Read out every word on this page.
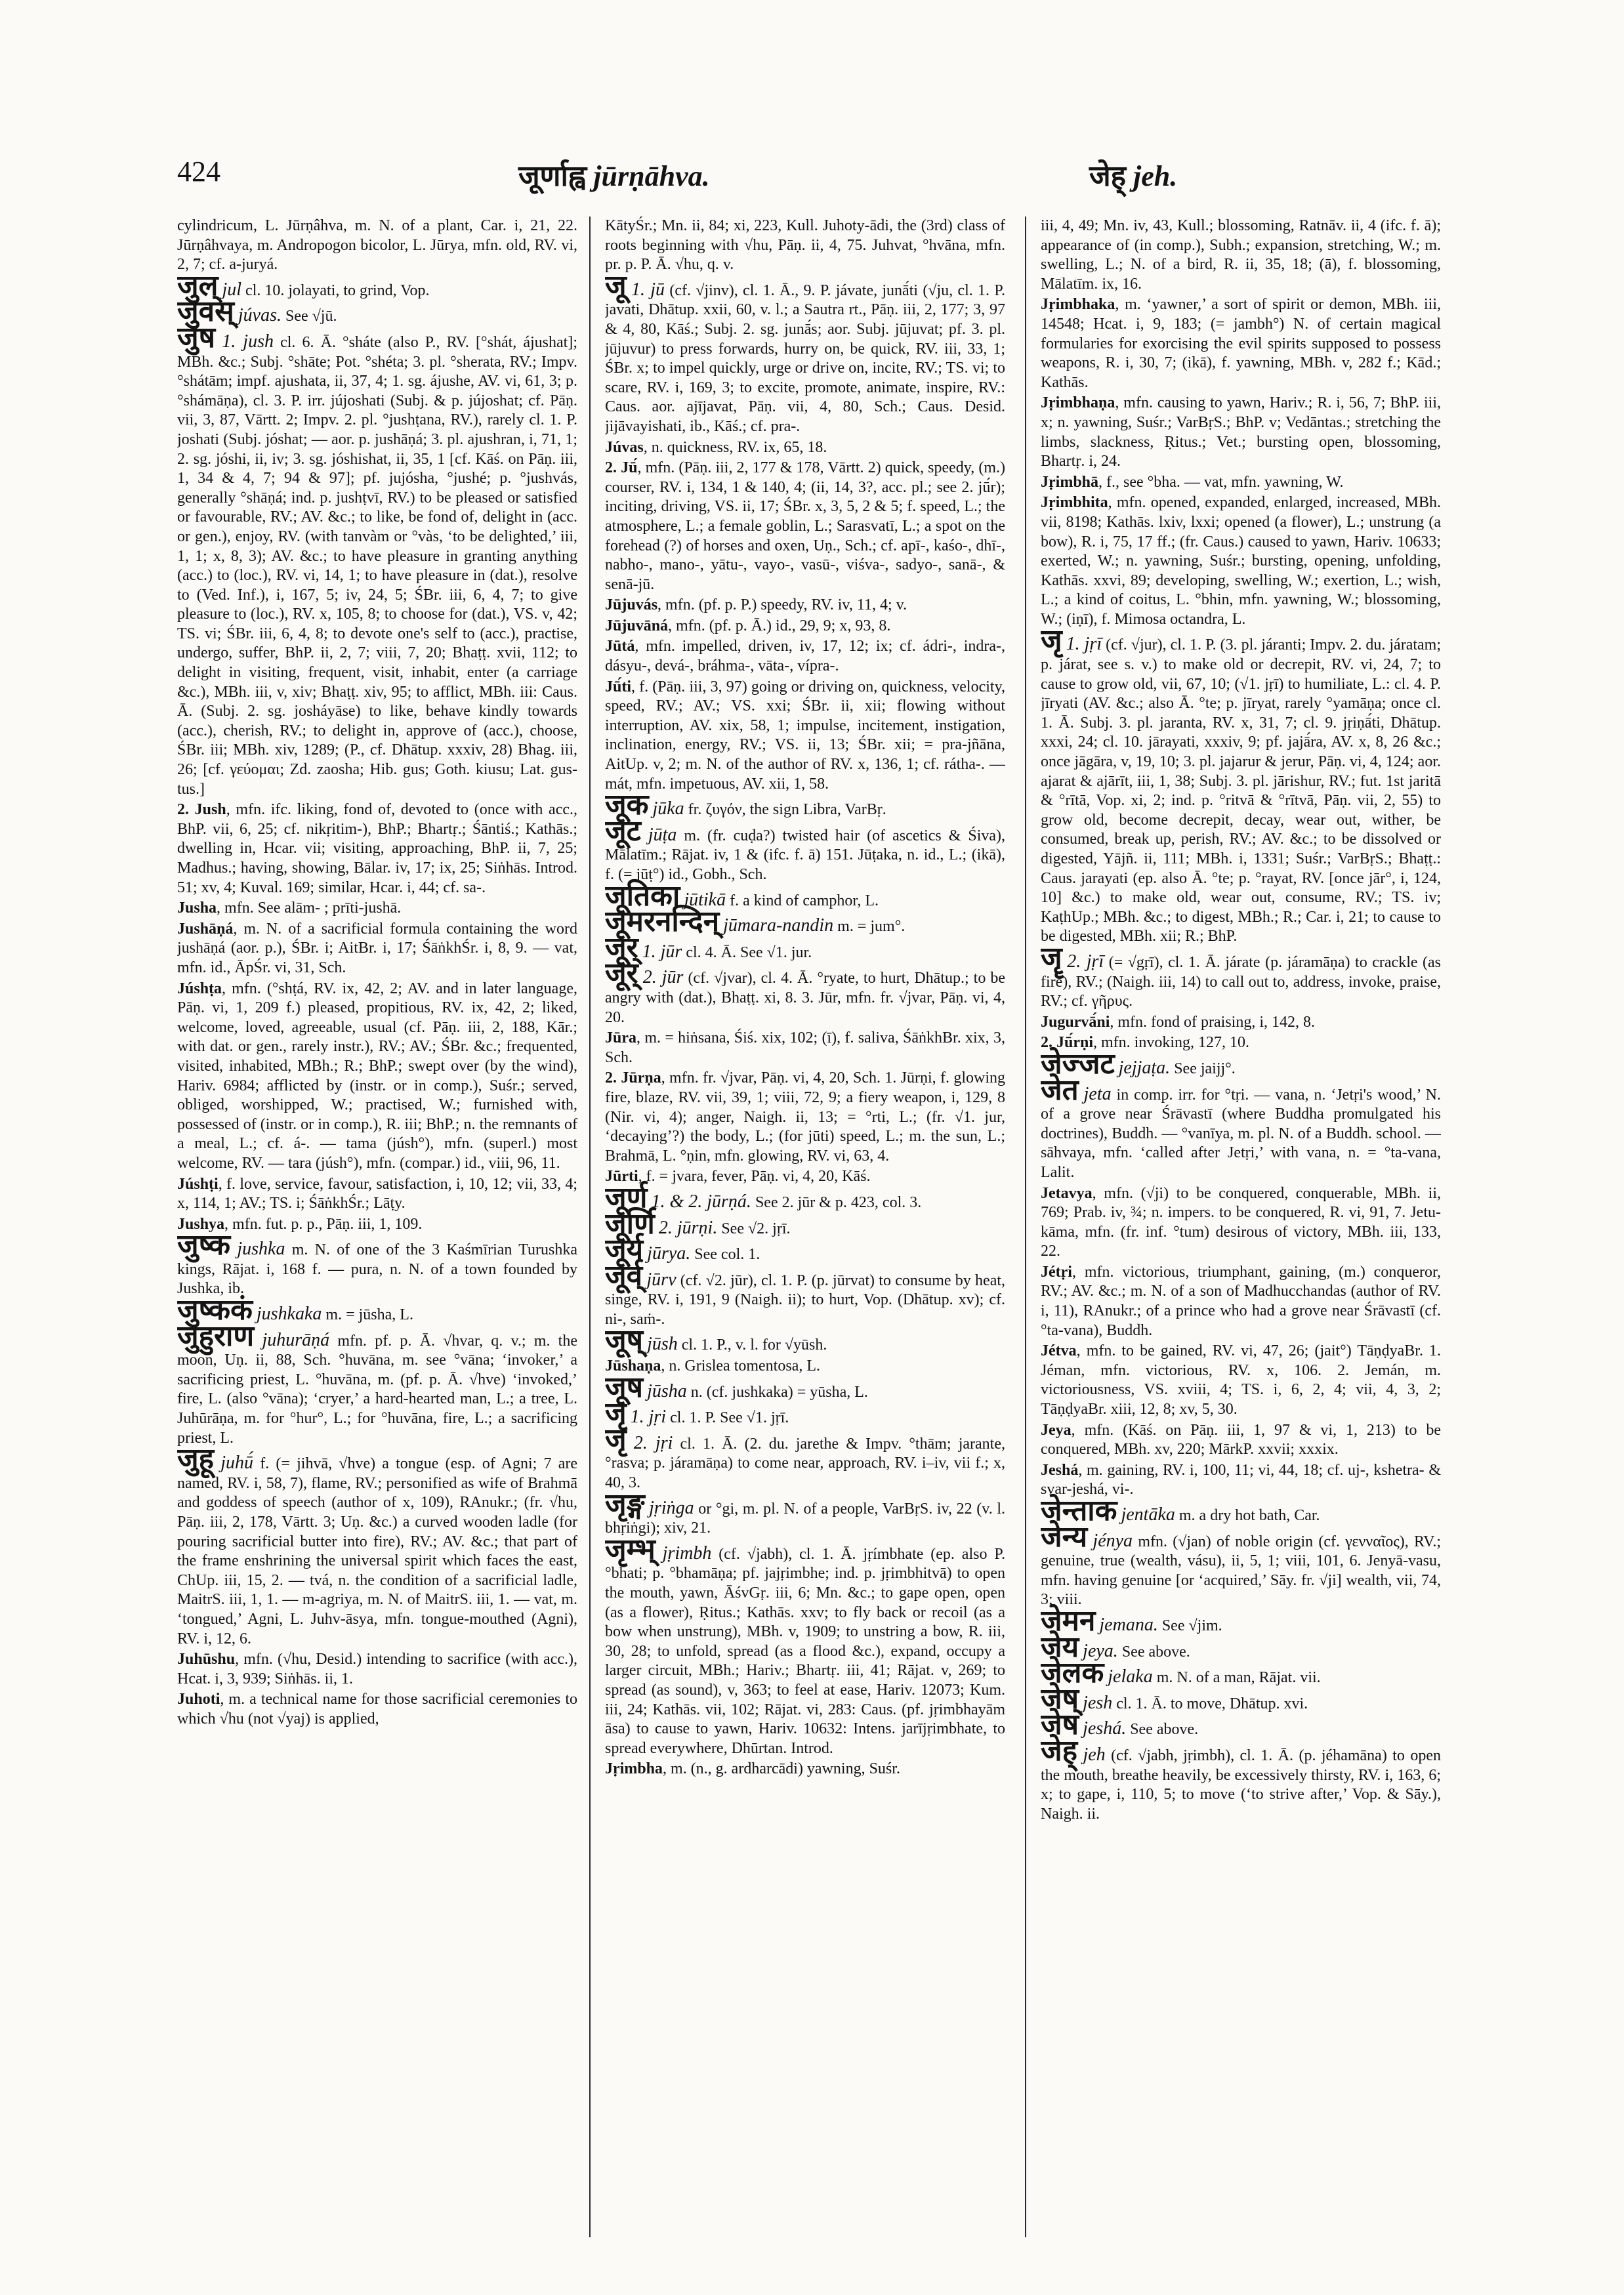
424	जूर्णाह्व jūrṇāhva.	जेह् jeh.

cylindricum, L. Jūrṇâhva, m. N. of a plant, Car. i, 21, 22. Jūrṇâhvaya, m. Andropogon bicolor, L. Jūrya, mfn. old, RV. vi, 2, 7; cf. a-juryá.

जुल् jul cl. 10. jolayati, to grind, Vop.

जुवस् júvas. See √jū.

जुष 1. jush cl. 6. Ā. °sháte (also P., RV. [°shát, ájushat]; MBh. &c.; Subj. °shāte; Pot. °shéta; 3. pl. °sherata, RV.; Impv. °shátām; impf. ajushata, ii, 37, 4; 1. sg. ájushe, AV. vi, 61, 3; p. °shámāṇa), cl. 3. P. irr. jújoshati (Subj. & p. jújoshat; cf. Pāṇ. vii, 3, 87, Vārtt. 2; Impv. 2. pl. °jushṭana, RV.), rarely cl. 1. P. joshati (Subj. jóshat; — aor. p. jushāṇá; 3. pl. ajushran, i, 71, 1; 2. sg. jóshi, ii, iv; 3. sg. jóshishat, ii, 35, 1 [cf. Kāś. on Pāṇ. iii, 1, 34 & 4, 7; 94 & 97]; pf. jujósha, °jushé; p. °jushvás, generally °shāṇá; ind. p. jushṭvī, RV.) to be pleased or satisfied or favourable, RV.; AV. &c.; to like, be fond of, delight in (acc. or gen.), enjoy, RV. (with tanvàm or °vàs, ‘to be delighted,’ iii, 1, 1; x, 8, 3); AV. &c.; to have pleasure in granting anything (acc.) to (loc.), RV. vi, 14, 1; to have pleasure in (dat.), resolve to (Ved. Inf.), i, 167, 5; iv, 24, 5; ŚBr. iii, 6, 4, 7; to give pleasure to (loc.), RV. x, 105, 8; to choose for (dat.), VS. v, 42; TS. vi; ŚBr. iii, 6, 4, 8; to devote one's self to (acc.), practise, undergo, suffer, BhP. ii, 2, 7; viii, 7, 20; Bhaṭṭ. xvii, 112; to delight in visiting, frequent, visit, inhabit, enter (a carriage &c.), MBh. iii, v, xiv; Bhaṭṭ. xiv, 95; to afflict, MBh. iii: Caus. Ā. (Subj. 2. sg. josháyāse) to like, behave kindly towards (acc.), cherish, RV.; to delight in, approve of (acc.), choose, ŚBr. iii; MBh. xiv, 1289; (P., cf. Dhātup. xxxiv, 28) Bhag. iii, 26; [cf. γεύομαι; Zd. zaosha; Hib. gus; Goth. kiusu; Lat. gus-tus.]

2. Jush, mfn. ifc. liking, fond of, devoted to (once with acc., BhP. vii, 6, 25; cf. nikṛitim-), BhP.; Bhartṛ.; Śāntiś.; Kathās.; dwelling in, Hcar. vii; visiting, approaching, BhP. ii, 7, 25; Madhus.; having, showing, Bālar. iv, 17; ix, 25; Siṅhās. Introd. 51; xv, 4; Kuval. 169; similar, Hcar. i, 44; cf. sa-.

Jusha, mfn. See alām- ; prīti-jushā.

Jushāṇá, m. N. of a sacrificial formula containing the word jushāṇá (aor. p.), ŚBr. i; AitBr. i, 17; ŚāṅkhŚr. i, 8, 9. — vat, mfn. id., ĀpŚr. vi, 31, Sch.

Júshṭa, mfn. (°shṭá, RV. ix, 42, 2; AV. and in later language, Pāṇ. vi, 1, 209 f.) pleased, propitious, RV. ix, 42, 2; liked, welcome, loved, agreeable, usual (cf. Pāṇ. iii, 2, 188, Kār.; with dat. or gen., rarely instr.), RV.; AV.; ŚBr. &c.; frequented, visited, inhabited, MBh.; R.; BhP.; swept over (by the wind), Hariv. 6984; afflicted by (instr. or in comp.), Suśr.; served, obliged, worshipped, W.; practised, W.; furnished with, possessed of (instr. or in comp.), R. iii; BhP.; n. the remnants of a meal, L.; cf. á-. — tama (júsh°), mfn. (superl.) most welcome, RV. — tara (júsh°), mfn. (compar.) id., viii, 96, 11.

Júshṭi, f. love, service, favour, satisfaction, i, 10, 12; vii, 33, 4; x, 114, 1; AV.; TS. i; ŚāṅkhŚr.; Lāṭy.

Jushya, mfn. fut. p. p., Pāṇ. iii, 1, 109.

जुष्क jushka m. N. of one of the 3 Kaśmīrian Turushka kings, Rājat. i, 168 f. — pura, n. N. of a town founded by Jushka, ib.

जुष्ककं jushkaka m. = jūsha, L.

जुहुराण juhurāṇá mfn. pf. p. Ā. √hvar, q. v.; m. the moon, Uṇ. ii, 88, Sch. °huvāna, m. see °vāna; ‘invoker,’ a sacrificing priest, L. °huvāna, m. (pf. p. Ā. √hve) ‘invoked,’ fire, L. (also °vāna); ‘cryer,’ a hard-hearted man, L.; a tree, L. Juhūrāṇa, m. for °hur°, L.; for °huvāna, fire, L.; a sacrificing priest, L.

जुहू juhū́ f. (= jihvā, √hve) a tongue (esp. of Agni; 7 are named, RV. i, 58, 7), flame, RV.; personified as wife of Brahmā and goddess of speech (author of x, 109), RAnukr.; (fr. √hu, Pāṇ. iii, 2, 178, Vārtt. 3; Uṇ. &c.) a curved wooden ladle (for pouring sacrificial butter into fire), RV.; AV. &c.; that part of the frame enshrining the universal spirit which faces the east, ChUp. iii, 15, 2. — tvá, n. the condition of a sacrificial ladle, MaitrS. iii, 1, 1. — m-agriya, m. N. of MaitrS. iii, 1. — vat, m. ‘tongued,’ Agni, L. Juhv-āsya, mfn. tongue-mouthed (Agni), RV. i, 12, 6.

Juhūshu, mfn. (√hu, Desid.) intending to sacrifice (with acc.), Hcat. i, 3, 939; Siṅhās. ii, 1.

Juhoti, m. a technical name for those sacrificial ceremonies to which √hu (not √yaj) is applied,

KātyŚr.; Mn. ii, 84; xi, 223, Kull. Juhoty-ādi, the (3rd) class of roots beginning with √hu, Pāṇ. ii, 4, 75. Juhvat, °hvāna, mfn. pr. p. P. Ā. √hu, q. v.

जू 1. jū (cf. √jinv), cl. 1. Ā., 9. P. jávate, junā́ti (√ju, cl. 1. P. javati, Dhātup. xxii, 60, v. l.; a Sautra rt., Pāṇ. iii, 2, 177; 3, 97 & 4, 80, Kāś.; Subj. 2. sg. junā́s; aor. Subj. jūjuvat; pf. 3. pl. jūjuvur) to press forwards, hurry on, be quick, RV. iii, 33, 1; ŚBr. x; to impel quickly, urge or drive on, incite, RV.; TS. vi; to scare, RV. i, 169, 3; to excite, promote, animate, inspire, RV.: Caus. aor. ajījavat, Pāṇ. vii, 4, 80, Sch.; Caus. Desid. jijāvayishati, ib., Kāś.; cf. pra-.

Júvas, n. quickness, RV. ix, 65, 18.

2. Jū́, mfn. (Pāṇ. iii, 2, 177 & 178, Vārtt. 2) quick, speedy, (m.) courser, RV. i, 134, 1 & 140, 4; (ii, 14, 3?, acc. pl.; see 2. jū́r); inciting, driving, VS. ii, 17; ŚBr. x, 3, 5, 2 & 5; f. speed, L.; the atmosphere, L.; a female goblin, L.; Sarasvatī, L.; a spot on the forehead (?) of horses and oxen, Uṇ., Sch.; cf. apī-, kaśo-, dhī-, nabho-, mano-, yātu-, vayo-, vasū-, viśva-, sadyo-, sanā-, & senā-jū.

Jūjuvás, mfn. (pf. p. P.) speedy, RV. iv, 11, 4; v.

Jūjuvāná, mfn. (pf. p. Ā.) id., 29, 9; x, 93, 8.

Jūtá, mfn. impelled, driven, iv, 17, 12; ix; cf. ádri-, indra-, dásyu-, devá-, bráhma-, vāta-, vípra-.

Jū́ti, f. (Pāṇ. iii, 3, 97) going or driving on, quickness, velocity, speed, RV.; AV.; VS. xxi; ŚBr. ii, xii; flowing without interruption, AV. xix, 58, 1; impulse, incitement, instigation, inclination, energy, RV.; VS. ii, 13; ŚBr. xii; = pra-jñāna, AitUp. v, 2; m. N. of the author of RV. x, 136, 1; cf. rátha-. — mát, mfn. impetuous, AV. xii, 1, 58.

जूक jūka fr. ζυγόν, the sign Libra, VarBṛ.

जूट jūṭa m. (fr. cuḍa?) twisted hair (of ascetics & Śiva), Mālatīm.; Rājat. iv, 1 & (ifc. f. ā) 151. Jūṭaka, n. id., L.; (ikā), f. (= jūṭ°) id., Gobh., Sch.

जूतिका jūtikā f. a kind of camphor, L.

जूमरनन्दिन् jūmara-nandin m. = jum°.

जूर् 1. jūr cl. 4. Ā. See √1. jur.

जूर् 2. jūr (cf. √jvar), cl. 4. Ā. °ryate, to hurt, Dhātup.; to be angry with (dat.), Bhaṭṭ. xi, 8. 3. Jūr, mfn. fr. √jvar, Pāṇ. vi, 4, 20.

Jūra, m. = hiṅsana, Śiś. xix, 102; (ī), f. saliva, ŚāṅkhBr. xix, 3, Sch.

2. Jūrṇa, mfn. fr. √jvar, Pāṇ. vi, 4, 20, Sch. 1. Jūrṇi, f. glowing fire, blaze, RV. vii, 39, 1; viii, 72, 9; a fiery weapon, i, 129, 8 (Nir. vi, 4); anger, Naigh. ii, 13; = °rti, L.; (fr. √1. jur, ‘decaying’?) the body, L.; (for jūti) speed, L.; m. the sun, L.; Brahmā, L. °ṇin, mfn. glowing, RV. vi, 63, 4.

Jūrti, f. = jvara, fever, Pāṇ. vi, 4, 20, Kāś.

जूर्ण 1. & 2. jūrṇá. See 2. jūr & p. 423, col. 3.

जूर्णि 2. jūrṇi. See √2. jṛī.

जूर्य jūrya. See col. 1.

जूर्व् jūrv (cf. √2. jūr), cl. 1. P. (p. jūrvat) to consume by heat, singe, RV. i, 191, 9 (Naigh. ii); to hurt, Vop. (Dhātup. xv); cf. ni-, saṁ-.

जूष् jūsh cl. 1. P., v. l. for √yūsh.

Jūshaṇa, n. Grislea tomentosa, L.

जूष jūsha n. (cf. jushkaka) = yūsha, L.

जृ 1. jṛi cl. 1. P. See √1. jṛī.

जृ 2. jṛi cl. 1. Ā. (2. du. jarethe & Impv. °thām; jarante, °rasva; p. járamāṇa) to come near, approach, RV. i–iv, vii f.; x, 40, 3.

जृङ्ग jṛiṅga or °gi, m. pl. N. of a people, VarBṛS. iv, 22 (v. l. bhṛiṅgi); xiv, 21.

जृम्भ् jṛimbh (cf. √jabh), cl. 1. Ā. jṛímbhate (ep. also P. °bhati; p. °bhamāṇa; pf. jajṛimbhe; ind. p. jṛimbhitvā) to open the mouth, yawn, ĀśvGṛ. iii, 6; Mn. &c.; to gape open, open (as a flower), Ṛitus.; Kathās. xxv; to fly back or recoil (as a bow when unstrung), MBh. v, 1909; to unstring a bow, R. iii, 30, 28; to unfold, spread (as a flood &c.), expand, occupy a larger circuit, MBh.; Hariv.; Bhartṛ. iii, 41; Rājat. v, 269; to spread (as sound), v, 363; to feel at ease, Hariv. 12073; Kum. iii, 24; Kathās. vii, 102; Rājat. vi, 283: Caus. (pf. jṛimbhayām āsa) to cause to yawn, Hariv. 10632: Intens. jarījṛimbhate, to spread everywhere, Dhūrtan. Introd.

Jṛimbha, m. (n., g. ardharcādi) yawning, Suśr.

iii, 4, 49; Mn. iv, 43, Kull.; blossoming, Ratnāv. ii, 4 (ifc. f. ā); appearance of (in comp.), Subh.; expansion, stretching, W.; m. swelling, L.; N. of a bird, R. ii, 35, 18; (ā), f. blossoming, Mālatīm. ix, 16.

Jṛimbhaka, m. ‘yawner,’ a sort of spirit or demon, MBh. iii, 14548; Hcat. i, 9, 183; (= jambh°) N. of certain magical formularies for exorcising the evil spirits supposed to possess weapons, R. i, 30, 7; (ikā), f. yawning, MBh. v, 282 f.; Kād.; Kathās.

Jṛimbhaṇa, mfn. causing to yawn, Hariv.; R. i, 56, 7; BhP. iii, x; n. yawning, Suśr.; VarBṛS.; BhP. v; Vedāntas.; stretching the limbs, slackness, Ṛitus.; Vet.; bursting open, blossoming, Bhartṛ. i, 24.

Jṛimbhā, f., see °bha. — vat, mfn. yawning, W.

Jṛimbhita, mfn. opened, expanded, enlarged, increased, MBh. vii, 8198; Kathās. lxiv, lxxi; opened (a flower), L.; unstrung (a bow), R. i, 75, 17 ff.; (fr. Caus.) caused to yawn, Hariv. 10633; exerted, W.; n. yawning, Suśr.; bursting, opening, unfolding, Kathās. xxvi, 89; developing, swelling, W.; exertion, L.; wish, L.; a kind of coitus, L. °bhin, mfn. yawning, W.; blossoming, W.; (iṇī), f. Mimosa octandra, L.

जृ 1. jṛī (cf. √jur), cl. 1. P. (3. pl. járanti; Impv. 2. du. járatam; p. járat, see s. v.) to make old or decrepit, RV. vi, 24, 7; to cause to grow old, vii, 67, 10; (√1. jṛī) to humiliate, L.: cl. 4. P. jīryati (AV. &c.; also Ā. °te; p. jīryat, rarely °yamāṇa; once cl. 1. Ā. Subj. 3. pl. jaranta, RV. x, 31, 7; cl. 9. jṛiṇā́ti, Dhātup. xxxi, 24; cl. 10. jārayati, xxxiv, 9; pf. jajā́ra, AV. x, 8, 26 &c.; once jāgāra, v, 19, 10; 3. pl. jajarur & jerur, Pāṇ. vi, 4, 124; aor. ajarat & ajārīt, iii, 1, 38; Subj. 3. pl. jārishur, RV.; fut. 1st jaritā & °rītā, Vop. xi, 2; ind. p. °ritvā & °rītvā, Pāṇ. vii, 2, 55) to grow old, become decrepit, decay, wear out, wither, be consumed, break up, perish, RV.; AV. &c.; to be dissolved or digested, Yājñ. ii, 111; MBh. i, 1331; Suśr.; VarBṛS.; Bhaṭṭ.: Caus. jarayati (ep. also Ā. °te; p. °rayat, RV. [once jār°, i, 124, 10] &c.) to make old, wear out, consume, RV.; TS. iv; KaṭhUp.; MBh. &c.; to digest, MBh.; R.; Car. i, 21; to cause to be digested, MBh. xii; R.; BhP.

जॄ 2. jṛī (= √gṛī), cl. 1. Ā. járate (p. járamāṇa) to crackle (as fire), RV.; (Naigh. iii, 14) to call out to, address, invoke, praise, RV.; cf. γῆρυς.

Jugurvā́ni, mfn. fond of praising, i, 142, 8.

2. Jū́rṇi, mfn. invoking, 127, 10.

जेज्जट jejjaṭa. See jaijj°.

जेत jeta in comp. irr. for °tṛi. — vana, n. ‘Jetṛi's wood,’ N. of a grove near Śrāvastī (where Buddha promulgated his doctrines), Buddh. — °vanīya, m. pl. N. of a Buddh. school. — sāhvaya, mfn. ‘called after Jetṛi,’ with vana, n. = °ta-vana, Lalit.

Jetavya, mfn. (√ji) to be conquered, conquerable, MBh. ii, 769; Prab. iv, ¾; n. impers. to be conquered, R. vi, 91, 7. Jetu-kāma, mfn. (fr. inf. °tum) desirous of victory, MBh. iii, 133, 22.

Jétṛi, mfn. victorious, triumphant, gaining, (m.) conqueror, RV.; AV. &c.; m. N. of a son of Madhucchandas (author of RV. i, 11), RAnukr.; of a prince who had a grove near Śrāvastī (cf. °ta-vana), Buddh.

Jétva, mfn. to be gained, RV. vi, 47, 26; (jait°) TāṇḍyaBr. 1. Jéman, mfn. victorious, RV. x, 106. 2. Jemán, m. victoriousness, VS. xviii, 4; TS. i, 6, 2, 4; vii, 4, 3, 2; TāṇḍyaBr. xiii, 12, 8; xv, 5, 30.

Jeya, mfn. (Kāś. on Pāṇ. iii, 1, 97 & vi, 1, 213) to be conquered, MBh. xv, 220; MārkP. xxvii; xxxix.

Jeshá, m. gaining, RV. i, 100, 11; vi, 44, 18; cf. uj-, kshetra- & svar-jeshá, vi-.

जेन्ताक jentāka m. a dry hot bath, Car.

जेन्य jénya mfn. (√jan) of noble origin (cf. γενναῖος), RV.; genuine, true (wealth, vásu), ii, 5, 1; viii, 101, 6. Jenyā-vasu, mfn. having genuine [or ‘acquired,’ Sāy. fr. √ji] wealth, vii, 74, 3; viii.

जेमन jemana. See √jim.

जेय jeya. See above.

जेलक jelaka m. N. of a man, Rājat. vii.

जेष् jesh cl. 1. Ā. to move, Dhātup. xvi.

जेष jeshá. See above.

जेह् jeh (cf. √jabh, jṛimbh), cl. 1. Ā. (p. jéhamāna) to open the mouth, breathe heavily, be excessively thirsty, RV. i, 163, 6; x; to gape, i, 110, 5; to move (‘to strive after,’ Vop. & Sāy.), Naigh. ii.
